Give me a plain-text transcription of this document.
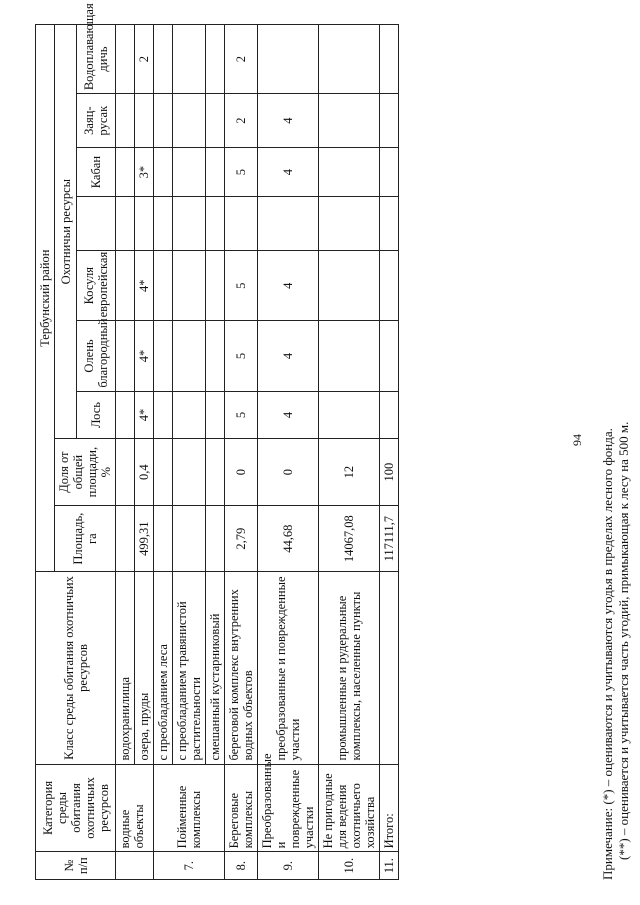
№ п/п	Категория среды обитания охотничьих ресурсов	Класс среды обитания охотничьих ресурсов	Тербунский район								
			Площадь, га	Доля от общей площади, %	Охотничьи ресурсы						
					Лось	Олень благородный	Косуля европейская		Кабан	Заяц-русак	Водоплавающая дичь
	водные объекты	водохранилища									
		озера, пруды	499,31	0,4	4*	4*	4*		3*		2
7.	Пойменные комплексы	с преобладанием леса									
		с преобладанием травянистой растительности									
		смешанный кустарниковый									
8.	Береговые комплексы	береговой комплекс внутренних водных объектов	2,79	0	5	5	5		5	2	2
9.	Преобразованные и поврежденные участки	преобразованные и поврежденные участки	44,68	0	4	4	4		4	4	
10.	Не пригодные для ведения охотничьего хозяйства	промышленные и рудеральные комплексы, населенные пункты	14067,08	12							
11.	Итого:		117111,7	100								Примечание: (*) – оцениваются и учитываются угодья в пределах лесного фонда. (**) – оценивается и учитывается часть угодий, примыкающая к лесу на 500 м.
94
